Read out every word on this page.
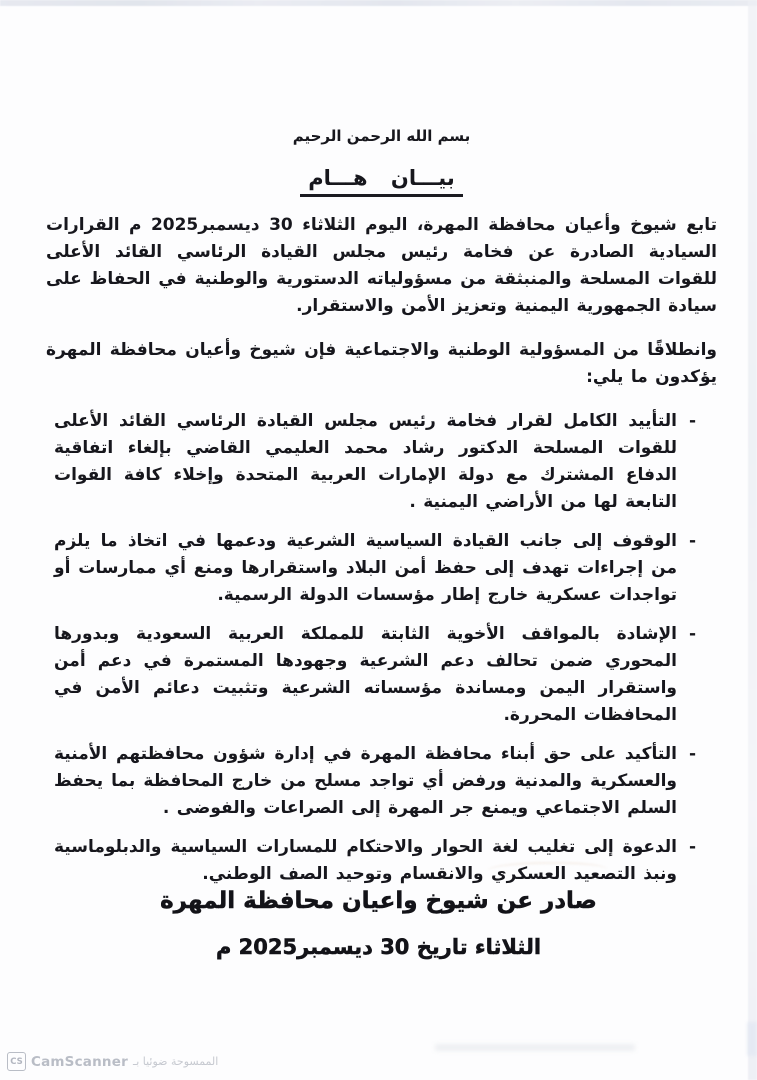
بسم الله الرحمن الرحيم
بيـــان هـــام

تابع شيوخ وأعيان محافظة المهرة، اليوم الثلاثاء 30 ديسمبر2025 م القرارات السيادية الصادرة عن فخامة رئيس مجلس القيادة الرئاسي القائد الأعلى للقوات المسلحة والمنبثقة من مسؤولياته الدستورية والوطنية في الحفاظ على سيادة الجمهورية اليمنية وتعزيز الأمن والاستقرار.

وانطلاقًا من المسؤولية الوطنية والاجتماعية فإن شيوخ وأعيان محافظة المهرة يؤكدون ما يلي:

-
التأييد الكامل لقرار فخامة رئيس مجلس القيادة الرئاسي القائد الأعلى للقوات المسلحة الدكتور رشاد محمد العليمي القاضي بإلغاء اتفاقية الدفاع المشترك مع دولة الإمارات العربية المتحدة وإخلاء كافة القوات التابعة لها من الأراضي اليمنية .
-
الوقوف إلى جانب القيادة السياسية الشرعية ودعمها في اتخاذ ما يلزم من إجراءات تهدف إلى حفظ أمن البلاد واستقرارها ومنع أي ممارسات أو تواجدات عسكرية خارج إطار مؤسسات الدولة الرسمية.
-
الإشادة بالمواقف الأخوية الثابتة للمملكة العربية السعودية وبدورها المحوري ضمن تحالف دعم الشرعية وجهودها المستمرة في دعم أمن واستقرار اليمن ومساندة مؤسساته الشرعية وتثبيت دعائم الأمن في المحافظات المحررة.
-
التأكيد على حق أبناء محافظة المهرة في إدارة شؤون محافظتهم الأمنية والعسكرية والمدنية ورفض أي تواجد مسلح من خارج المحافظة بما يحفظ السلم الاجتماعي ويمنع جر المهرة إلى الصراعات والفوضى .
-
الدعوة إلى تغليب لغة الحوار والاحتكام للمسارات السياسية والدبلوماسية ونبذ التصعيد العسكري والانقسام وتوحيد الصف الوطني.
صادر عن شيوخ واعيان محافظة المهرة
الثلاثاء تاريخ 30 ديسمبر2025 م
CS CamScanner الممسوحة ضوئيا بـ
